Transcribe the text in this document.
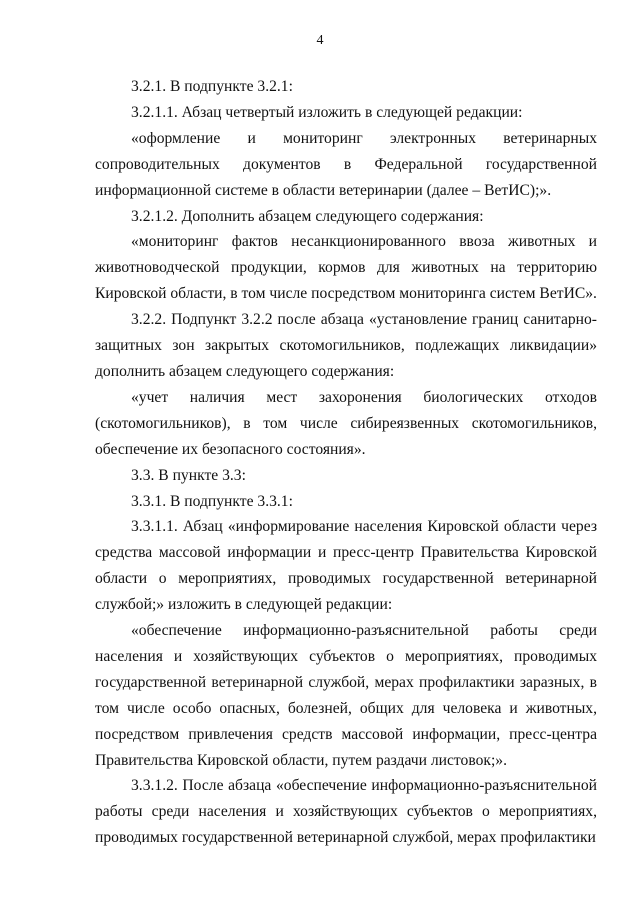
4

3.2.1. В подпункте 3.2.1:

3.2.1.1. Абзац четвертый изложить в следующей редакции:

«оформление и мониторинг электронных ветеринарных сопроводительных документов в Федеральной государственной информационной системе в области ветеринарии (далее – ВетИС);».

3.2.1.2. Дополнить абзацем следующего содержания:

«мониторинг фактов несанкционированного ввоза животных и животноводческой продукции, кормов для животных на территорию Кировской области, в том числе посредством мониторинга систем ВетИС».

3.2.2. Подпункт 3.2.2 после абзаца «установление границ санитарно-защитных зон закрытых скотомогильников, подлежащих ликвидации» дополнить абзацем следующего содержания:

«учет наличия мест захоронения биологических отходов (скотомогильников), в том числе сибиреязвенных скотомогильников, обеспечение их безопасного состояния».

3.3. В пункте 3.3:

3.3.1. В подпункте 3.3.1:

3.3.1.1. Абзац «информирование населения Кировской области через средства массовой информации и пресс-центр Правительства Кировской области о мероприятиях, проводимых государственной ветеринарной службой;» изложить в следующей редакции:

«обеспечение информационно-разъяснительной работы среди населения и хозяйствующих субъектов о мероприятиях, проводимых государственной ветеринарной службой, мерах профилактики заразных, в том числе особо опасных, болезней, общих для человека и животных, посредством привлечения средств массовой информации, пресс-центра Правительства Кировской области, путем раздачи листовок;».

3.3.1.2. После абзаца «обеспечение информационно-разъяснительной работы среди населения и хозяйствующих субъектов о мероприятиях, проводимых государственной ветеринарной службой, мерах профилактики
